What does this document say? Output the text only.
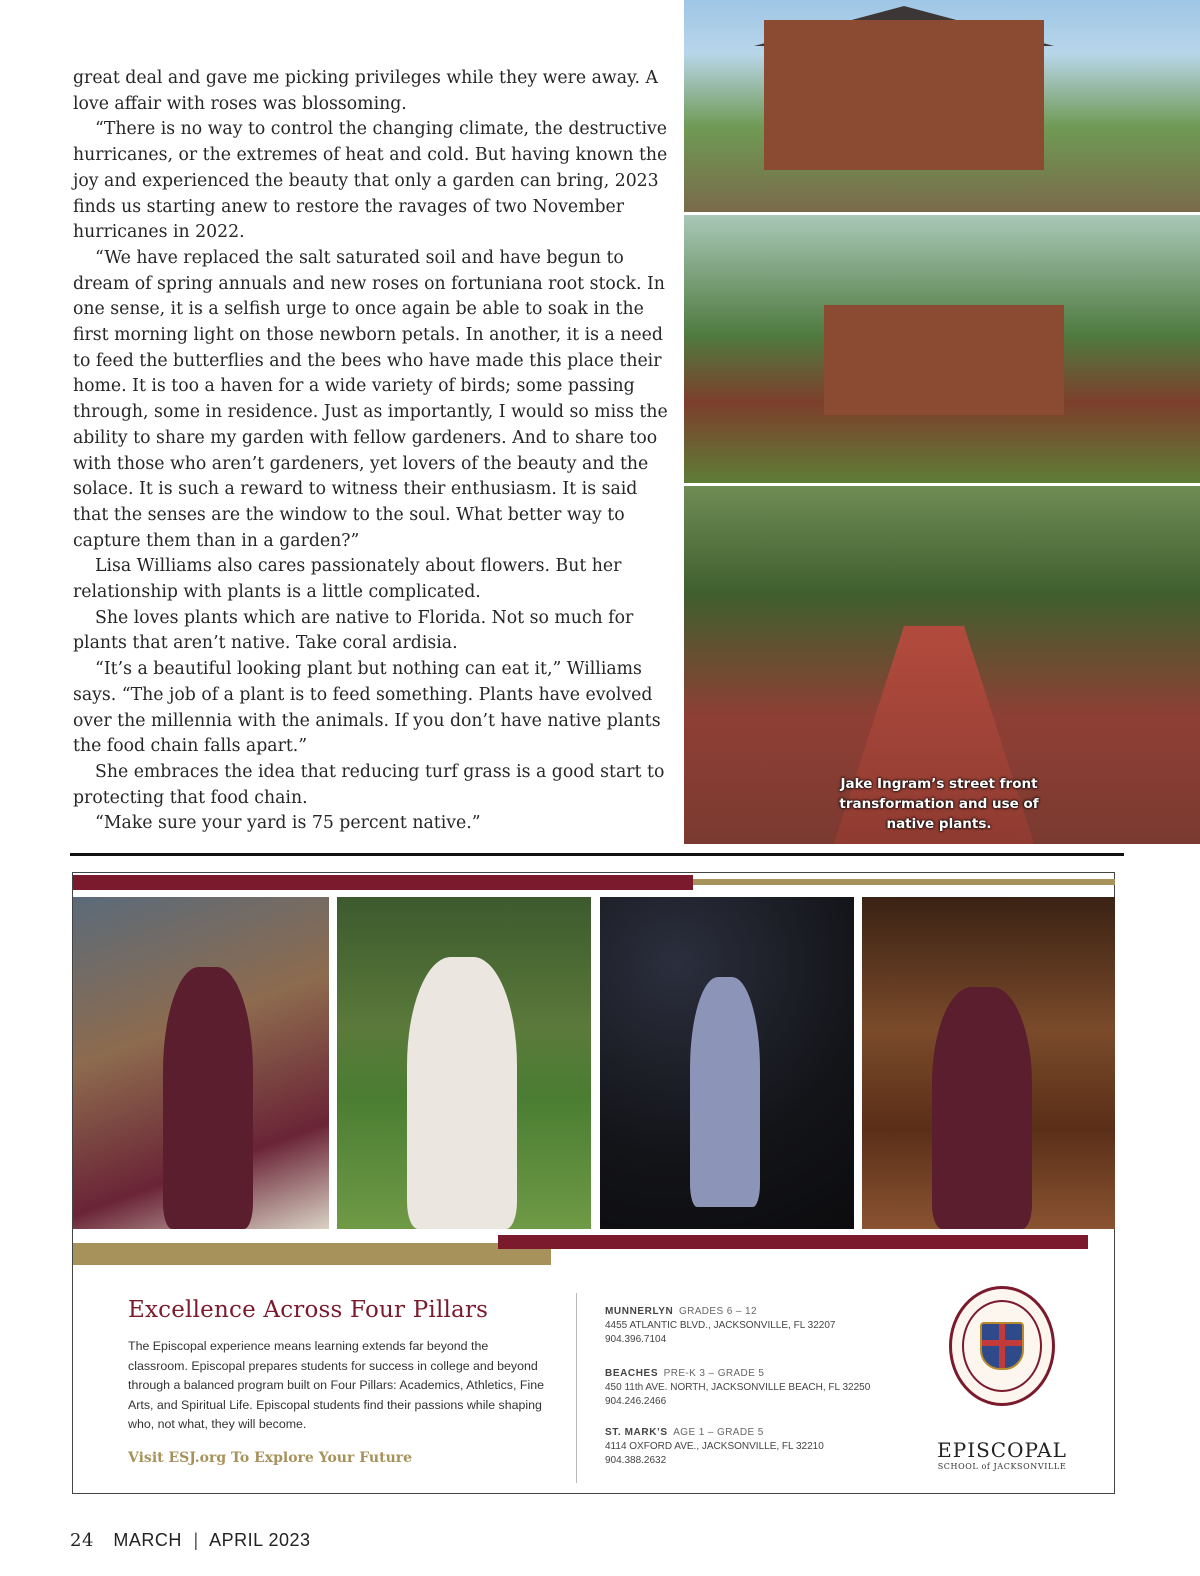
great deal and gave me picking privileges while they were away. A love affair with roses was blossoming.

“There is no way to control the changing climate, the destructive hurricanes, or the extremes of heat and cold. But having known the joy and experienced the beauty that only a garden can bring, 2023 finds us starting anew to restore the ravages of two November hurricanes in 2022.

“We have replaced the salt saturated soil and have begun to dream of spring annuals and new roses on fortuniana root stock. In one sense, it is a selfish urge to once again be able to soak in the first morning light on those newborn petals. In another, it is a need to feed the butterflies and the bees who have made this place their home. It is too a haven for a wide variety of birds; some passing through, some in residence. Just as importantly, I would so miss the ability to share my garden with fellow gardeners. And to share too with those who aren’t gardeners, yet lovers of the beauty and the solace. It is such a reward to witness their enthusiasm. It is said that the senses are the window to the soul. What better way to capture them than in a garden?”

Lisa Williams also cares passionately about flowers. But her relationship with plants is a little complicated.

She loves plants which are native to Florida. Not so much for plants that aren’t native. Take coral ardisia.

“It’s a beautiful looking plant but nothing can eat it,” Williams says. “The job of a plant is to feed something. Plants have evolved over the millennia with the animals. If you don’t have native plants the food chain falls apart.”

She embraces the idea that reducing turf grass is a good start to protecting that food chain.

“Make sure your yard is 75 percent native.”

Jake Ingram’s street front transformation and use of native plants.
Excellence Across Four Pillars
The Episcopal experience means learning extends far beyond the classroom. Episcopal prepares students for success in college and beyond through a balanced program built on Four Pillars: Academics, Athletics, Fine Arts, and Spiritual Life. Episcopal students find their passions while shaping who, not what, they will become.
Visit ESJ.org To Explore Your Future
MUNNERLYN GRADES 6 – 12
4455 ATLANTIC BLVD., JACKSONVILLE, FL 32207
904.396.7104
BEACHES PRE-K 3 – GRADE 5
450 11th AVE. NORTH, JACKSONVILLE BEACH, FL 32250
904.246.2466
ST. MARK’S AGE 1 – GRADE 5
4114 OXFORD AVE., JACKSONVILLE, FL 32210
904.388.2632	EPISCOPAL
SCHOOL of JACKSONVILLE
24 MARCH | APRIL 2023
